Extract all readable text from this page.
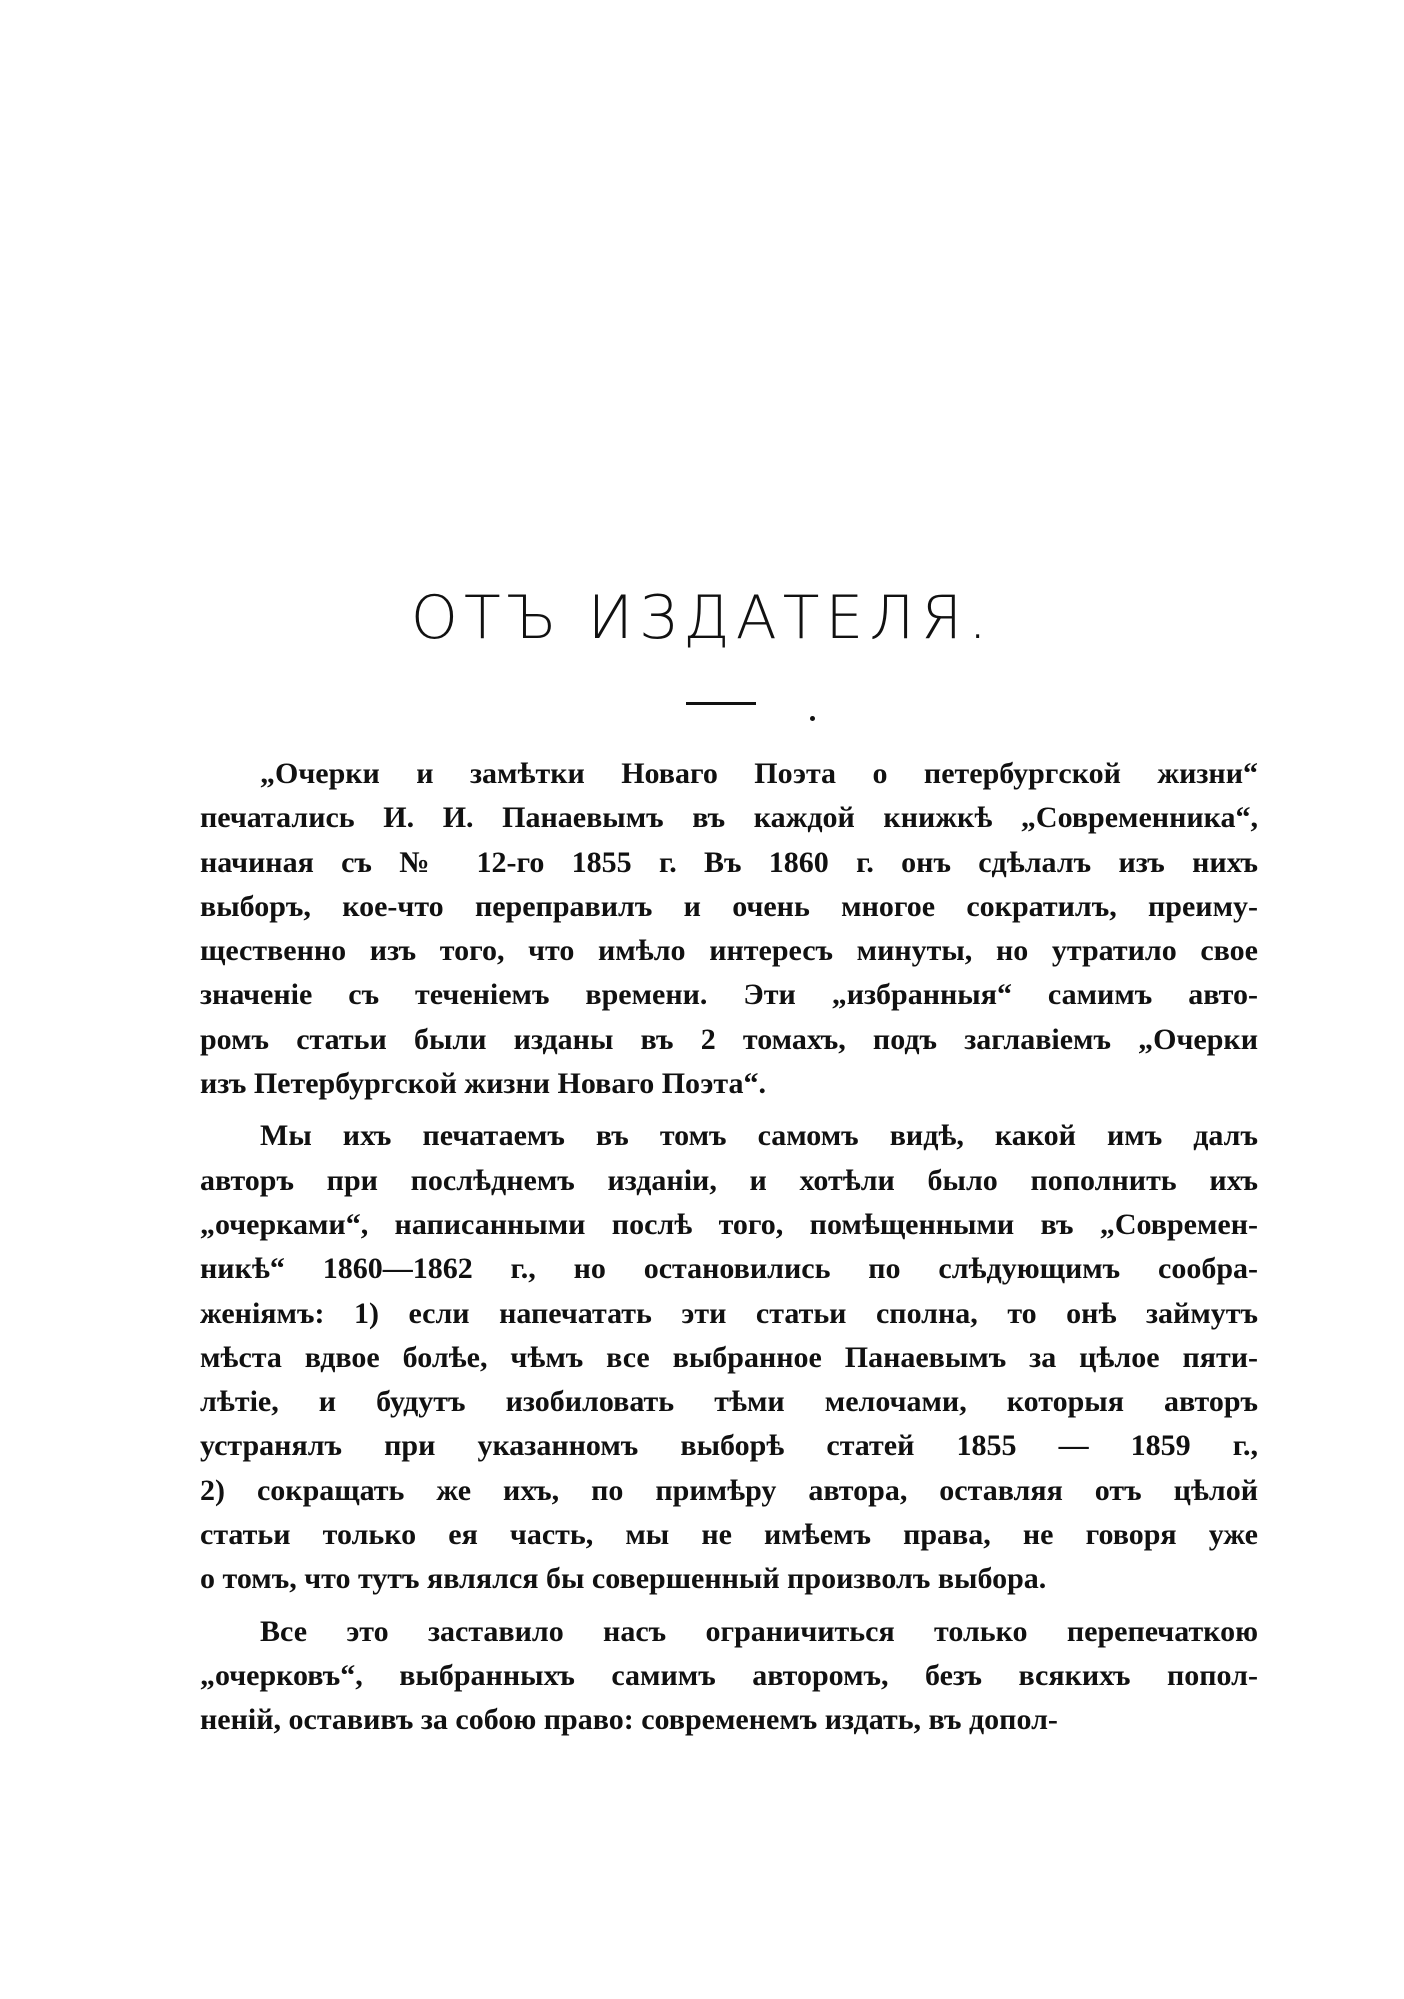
ОТЪ ИЗДАТЕЛЯ.

„Очерки и замѣтки Новаго Поэта о петербургской жизни“
печатались И. И. Панаевымъ въ каждой книжкѣ „Современника“,
начиная съ № 12-го 1855 г. Въ 1860 г. онъ сдѣлалъ изъ нихъ
выборъ, кое-что переправилъ и очень многое сократилъ, преиму-
щественно изъ того, что имѣло интересъ минуты, но утратило свое
значеніе съ теченіемъ времени. Эти „избранныя“ самимъ авто-
ромъ статьи были изданы въ 2 томахъ, подъ заглавіемъ „Очерки
изъ Петербургской жизни Новаго Поэта“.

Мы ихъ печатаемъ въ томъ самомъ видѣ, какой имъ далъ
авторъ при послѣднемъ изданіи, и хотѣли было пополнить ихъ
„очерками“, написанными послѣ того, помѣщенными въ „Современ-
никѣ“ 1860—1862 г., но остановились по слѣдующимъ сообра-
женіямъ: 1) если напечатать эти статьи сполна, то онѣ займутъ
мѣста вдвое болѣе, чѣмъ все выбранное Панаевымъ за цѣлое пяти-
лѣтіе, и будутъ изобиловать тѣми мелочами, которыя авторъ
устранялъ при указанномъ выборѣ статей 1855 — 1859 г.,
2) сокращать же ихъ, по примѣру автора, оставляя отъ цѣлой
статьи только ея часть, мы не имѣемъ права, не говоря уже
о томъ, что тутъ являлся бы совершенный произволъ выбора.

Все это заставило насъ ограничиться только перепечаткою
„очерковъ“, выбранныхъ самимъ авторомъ, безъ всякихъ попол-
неній, оставивъ за собою право: современемъ издать, въ допол-
